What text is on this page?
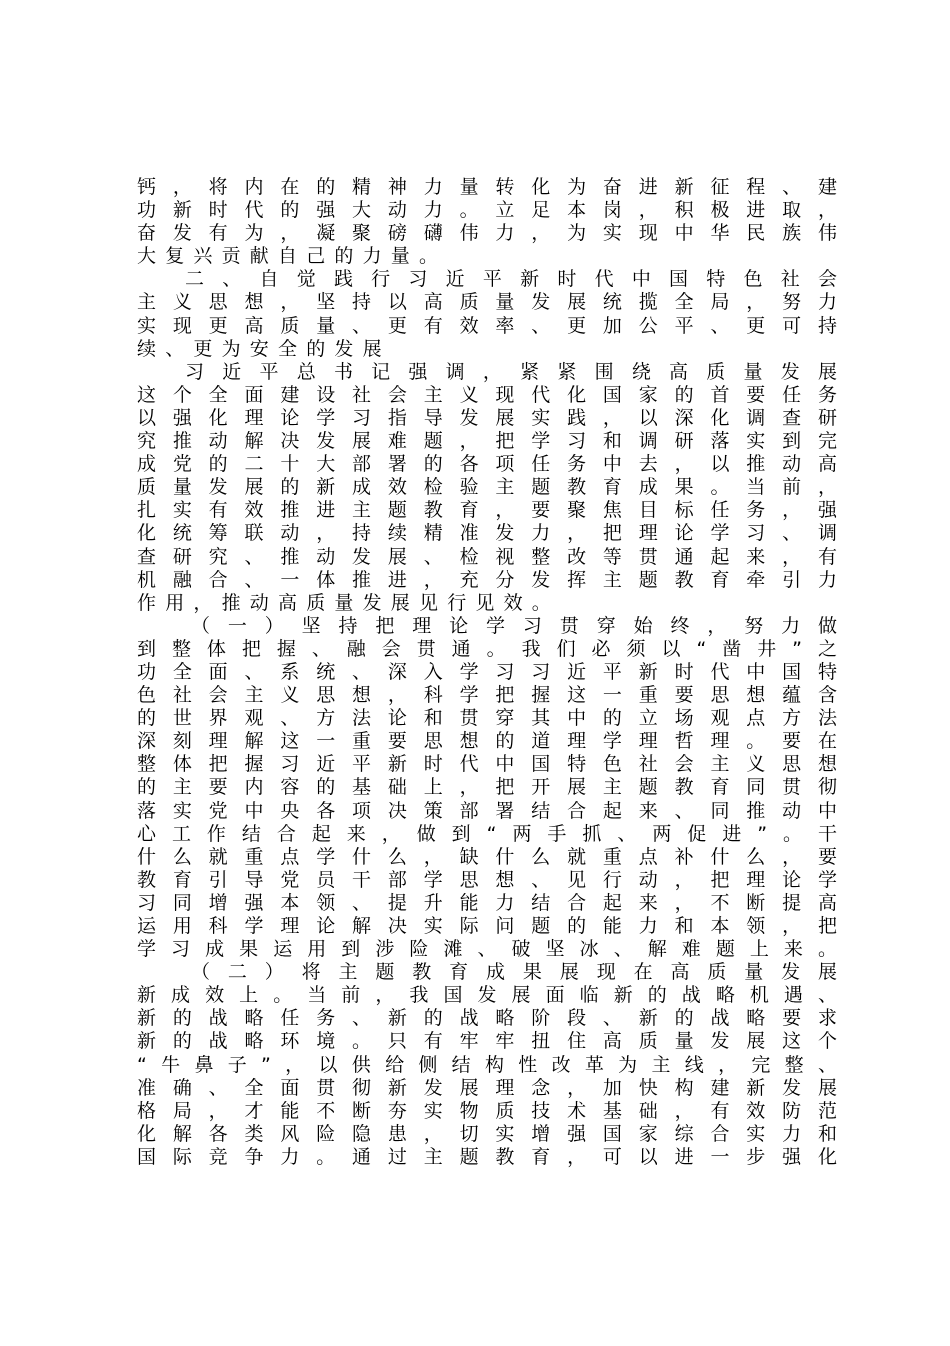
钙，将内在的精神力量转化为奋进新征程、建
功新时代的强大动力。立足本岗，积极进取，
奋发有为，凝聚磅礴伟力，为实现中华民族伟
大复兴贡献自己的力量。
二、自觉践行习近平新时代中国特色社会
主义思想，坚持以高质量发展统揽全局，努力
实现更高质量、更有效率、更加公平、更可持
续、更为安全的发展
习近平总书记强调，紧紧围绕高质量发展
这个全面建设社会主义现代化国家的首要任务
以强化理论学习指导发展实践，以深化调查研
究推动解决发展难题，把学习和调研落实到完
成党的二十大部署的各项任务中去，以推动高
质量发展的新成效检验主题教育成果。当前，
扎实有效推进主题教育，要聚焦目标任务，强
化统筹联动，持续精准发力，把理论学习、调
查研究、推动发展、检视整改等贯通起来，有
机融合、一体推进，充分发挥主题教育牵引力
作用，推动高质量发展见行见效。
（一）坚持把理论学习贯穿始终，努力做
到整体把握、融会贯通。我们必须以“凿井”之
功全面、系统、深入学习习近平新时代中国特
色社会主义思想，科学把握这一重要思想蕴含
的世界观、方法论和贯穿其中的立场观点方法
深刻理解这一重要思想的道理学理哲理。要在
整体把握习近平新时代中国特色社会主义思想
的主要内容的基础上，把开展主题教育同贯彻
落实党中央各项决策部署结合起来、同推动中
心工作结合起来，做到“两手抓、两促进”。干
什么就重点学什么，缺什么就重点补什么，要
教育引导党员干部学思想、见行动，把理论学
习同增强本领、提升能力结合起来，不断提高
运用科学理论解决实际问题的能力和本领，把
学习成果运用到涉险滩、破坚冰、解难题上来。
（二）将主题教育成果展现在高质量发展
新成效上。当前，我国发展面临新的战略机遇、
新的战略任务、新的战略阶段、新的战略要求
新的战略环境。只有牢牢扭住高质量发展这个
“牛鼻子”，以供给侧结构性改革为主线，完整、
准确、全面贯彻新发展理念，加快构建新发展
格局，才能不断夯实物质技术基础，有效防范
化解各类风险隐患，切实增强国家综合实力和
国际竞争力。通过主题教育，可以进一步强化
